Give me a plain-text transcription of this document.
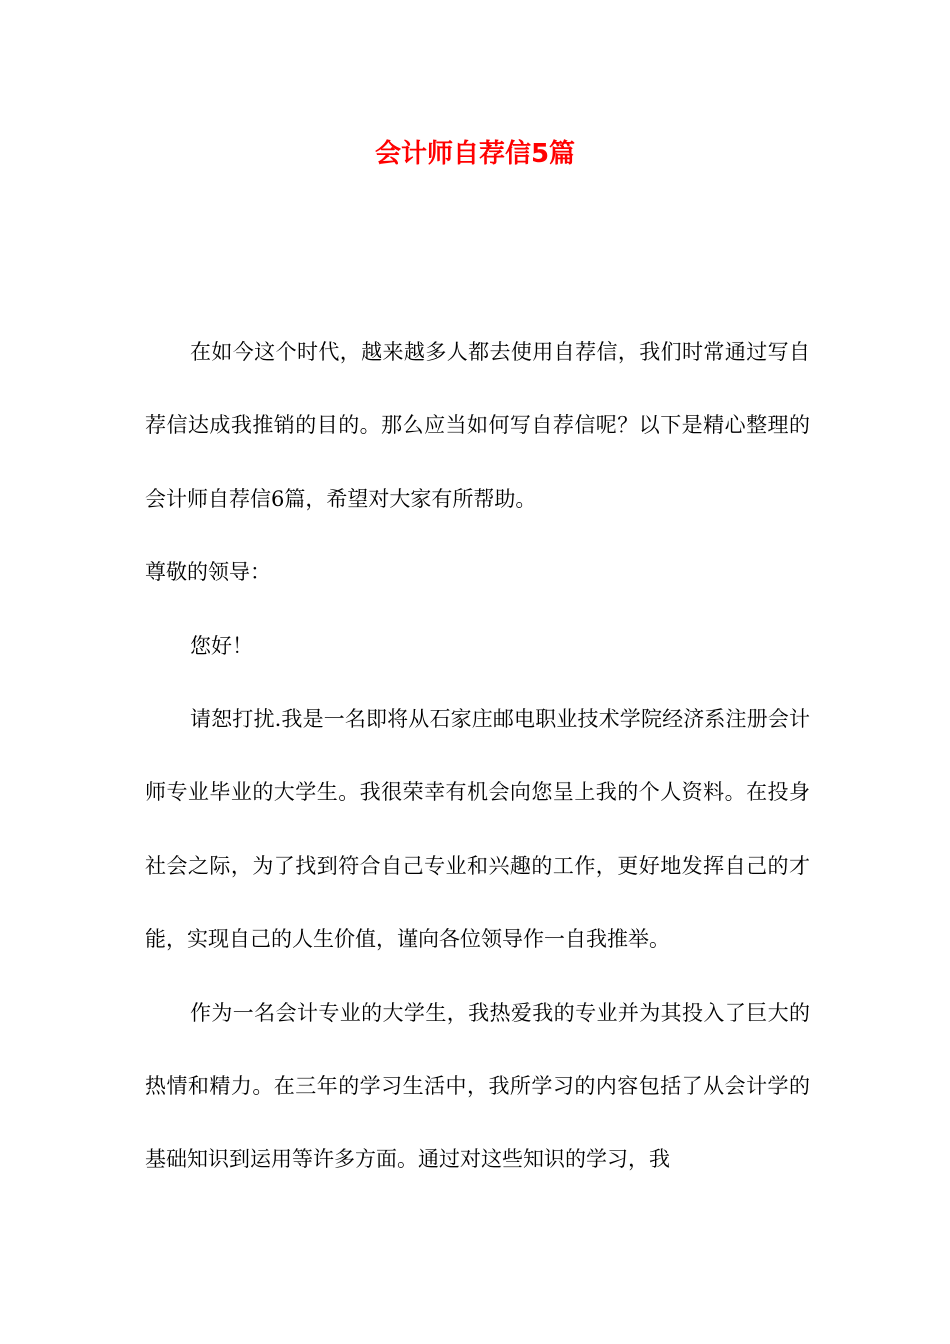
会计师自荐信5篇

在如今这个时代，越来越多人都去使用自荐信，我们时常通过写自荐信达成我推销的目的。那么应当如何写自荐信呢？以下是精心整理的会计师自荐信6篇，希望对大家有所帮助。

尊敬的领导：

您好！

请恕打扰.我是一名即将从石家庄邮电职业技术学院经济系注册会计师专业毕业的大学生。我很荣幸有机会向您呈上我的个人资料。在投身社会之际，为了找到符合自己专业和兴趣的工作，更好地发挥自己的才能，实现自己的人生价值，谨向各位领导作一自我推举。

作为一名会计专业的大学生，我热爱我的专业并为其投入了巨大的热情和精力。在三年的学习生活中，我所学习的内容包括了从会计学的基础知识到运用等许多方面。通过对这些知识的学习，我
